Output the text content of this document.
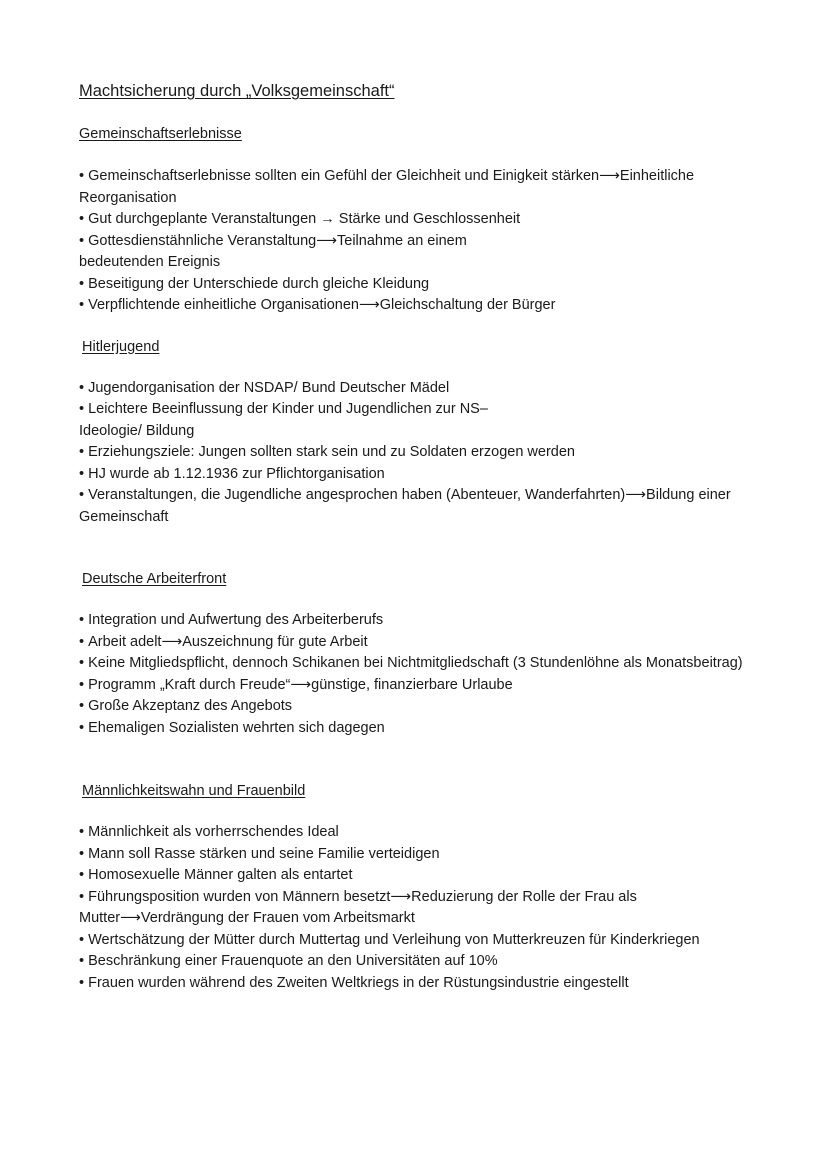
Machtsicherung durch „Volksgemeinschaft“
Gemeinschaftserlebnisse
• Gemeinschaftserlebnisse sollten ein Gefühl der Gleichheit und Einigkeit stärken⟶Einheitliche Reorganisation
• Gut durchgeplante Veranstaltungen → Stärke und Geschlossenheit
• Gottesdienstähnliche Veranstaltung⟶Teilnahme an einem
bedeutenden Ereignis
• Beseitigung der Unterschiede durch gleiche Kleidung
• Verpflichtende einheitliche Organisationen⟶Gleichschaltung der Bürger
Hitlerjugend
• Jugendorganisation der NSDAP/ Bund Deutscher Mädel
• Leichtere Beeinflussung der Kinder und Jugendlichen zur NS–
Ideologie/ Bildung
• Erziehungsziele: Jungen sollten stark sein und zu Soldaten erzogen werden
• HJ wurde ab 1.12.1936 zur Pflichtorganisation
• Veranstaltungen, die Jugendliche angesprochen haben (Abenteuer, Wanderfahrten)⟶Bildung einer Gemeinschaft
Deutsche Arbeiterfront
• Integration und Aufwertung des Arbeiterberufs
• Arbeit adelt⟶Auszeichnung für gute Arbeit
• Keine Mitgliedspflicht, dennoch Schikanen bei Nichtmitgliedschaft (3 Stundenlöhne als Monatsbeitrag)
• Programm „Kraft durch Freude“⟶günstige, finanzierbare Urlaube
• Große Akzeptanz des Angebots
• Ehemaligen Sozialisten wehrten sich dagegen
Männlichkeitswahn und Frauenbild
• Männlichkeit als vorherrschendes Ideal
• Mann soll Rasse stärken und seine Familie verteidigen
• Homosexuelle Männer galten als entartet
• Führungsposition wurden von Männern besetzt⟶Reduzierung der Rolle der Frau als Mutter⟶Verdrängung der Frauen vom Arbeitsmarkt
• Wertschätzung der Mütter durch Muttertag und Verleihung von Mutterkreuzen für Kinderkriegen
• Beschränkung einer Frauenquote an den Universitäten auf 10%
• Frauen wurden während des Zweiten Weltkriegs in der Rüstungsindustrie eingestellt
